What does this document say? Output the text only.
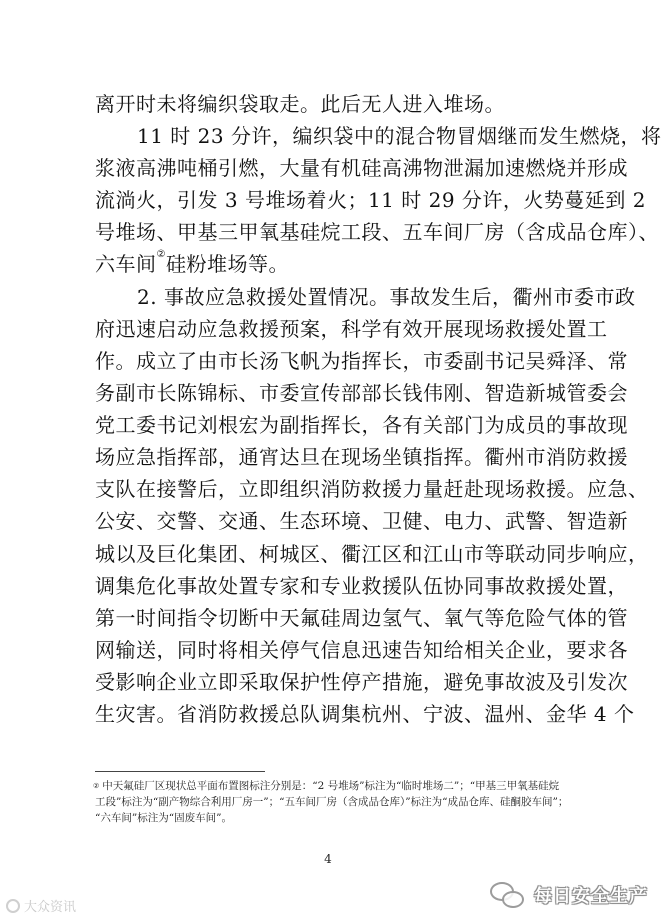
离开时未将编织袋取走。此后无人进入堆场。
11 时 23 分许，编织袋中的混合物冒烟继而发生燃烧，将
浆液高沸吨桶引燃，大量有机硅高沸物泄漏加速燃烧并形成
流淌火，引发 3 号堆场着火；11 时 29 分许，火势蔓延到 2
号堆场、甲基三甲氧基硅烷工段、五车间厂房（含成品仓库）、
六车间②硅粉堆场等。
2. 事故应急救援处置情况。事故发生后，衢州市委市政
府迅速启动应急救援预案，科学有效开展现场救援处置工
作。成立了由市长汤飞帆为指挥长，市委副书记吴舜泽、常
务副市长陈锦标、市委宣传部部长钱伟刚、智造新城管委会
党工委书记刘根宏为副指挥长，各有关部门为成员的事故现
场应急指挥部，通宵达旦在现场坐镇指挥。衢州市消防救援
支队在接警后，立即组织消防救援力量赶赴现场救援。应急、
公安、交警、交通、生态环境、卫健、电力、武警、智造新
城以及巨化集团、柯城区、衢江区和江山市等联动同步响应，
调集危化事故处置专家和专业救援队伍协同事故救援处置，
第一时间指令切断中天氟硅周边氢气、氧气等危险气体的管
网输送，同时将相关停气信息迅速告知给相关企业，要求各
受影响企业立即采取保护性停产措施，避免事故波及引发次
生灾害。省消防救援总队调集杭州、宁波、温州、金华 4 个
② 中天氟硅厂区现状总平面布置图标注分别是：“2 号堆场”标注为“临时堆场二”；“甲基三甲氧基硅烷
工段”标注为“副产物综合利用厂房一”；“五车间厂房（含成品仓库）”标注为“成品仓库、硅酮胶车间”；
“六车间”标注为“固废车间”。
4
大众资讯
每日安全生产
